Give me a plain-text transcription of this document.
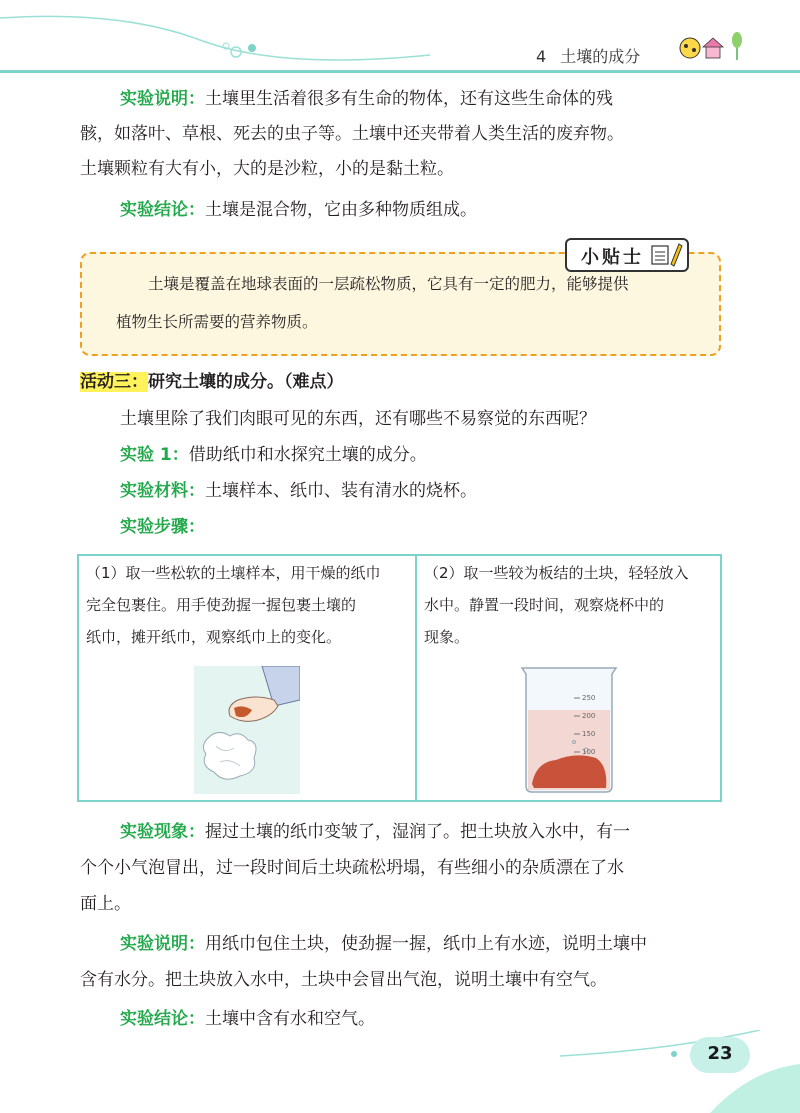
4 土壤的成分
实验说明：土壤里生活着很多有生命的物体，还有这些生命体的残
骸，如落叶、草根、死去的虫子等。土壤中还夹带着人类生活的废弃物。
土壤颗粒有大有小，大的是沙粒，小的是黏土粒。
实验结论：土壤是混合物，它由多种物质组成。
小贴士
土壤是覆盖在地球表面的一层疏松物质，它具有一定的肥力，能够提供
植物生长所需要的营养物质。
活动三：研究土壤的成分。（难点）
土壤里除了我们肉眼可见的东西，还有哪些不易察觉的东西呢？
实验 1：借助纸巾和水探究土壤的成分。
实验材料：土壤样本、纸巾、装有清水的烧杯。
实验步骤：
（1）取一些松软的土壤样本，用干燥的纸巾
完全包裹住。用手使劲握一握包裹土壤的
纸巾，摊开纸巾，观察纸巾上的变化。
（2）取一些较为板结的土块，轻轻放入
水中。静置一段时间，观察烧杯中的
现象。
250
200
150
100
实验现象：握过土壤的纸巾变皱了，湿润了。把土块放入水中，有一
个个小气泡冒出，过一段时间后土块疏松坍塌，有些细小的杂质漂在了水
面上。
实验说明：用纸巾包住土块，使劲握一握，纸巾上有水迹，说明土壤中
含有水分。把土块放入水中，土块中会冒出气泡，说明土壤中有空气。
实验结论：土壤中含有水和空气。
23
